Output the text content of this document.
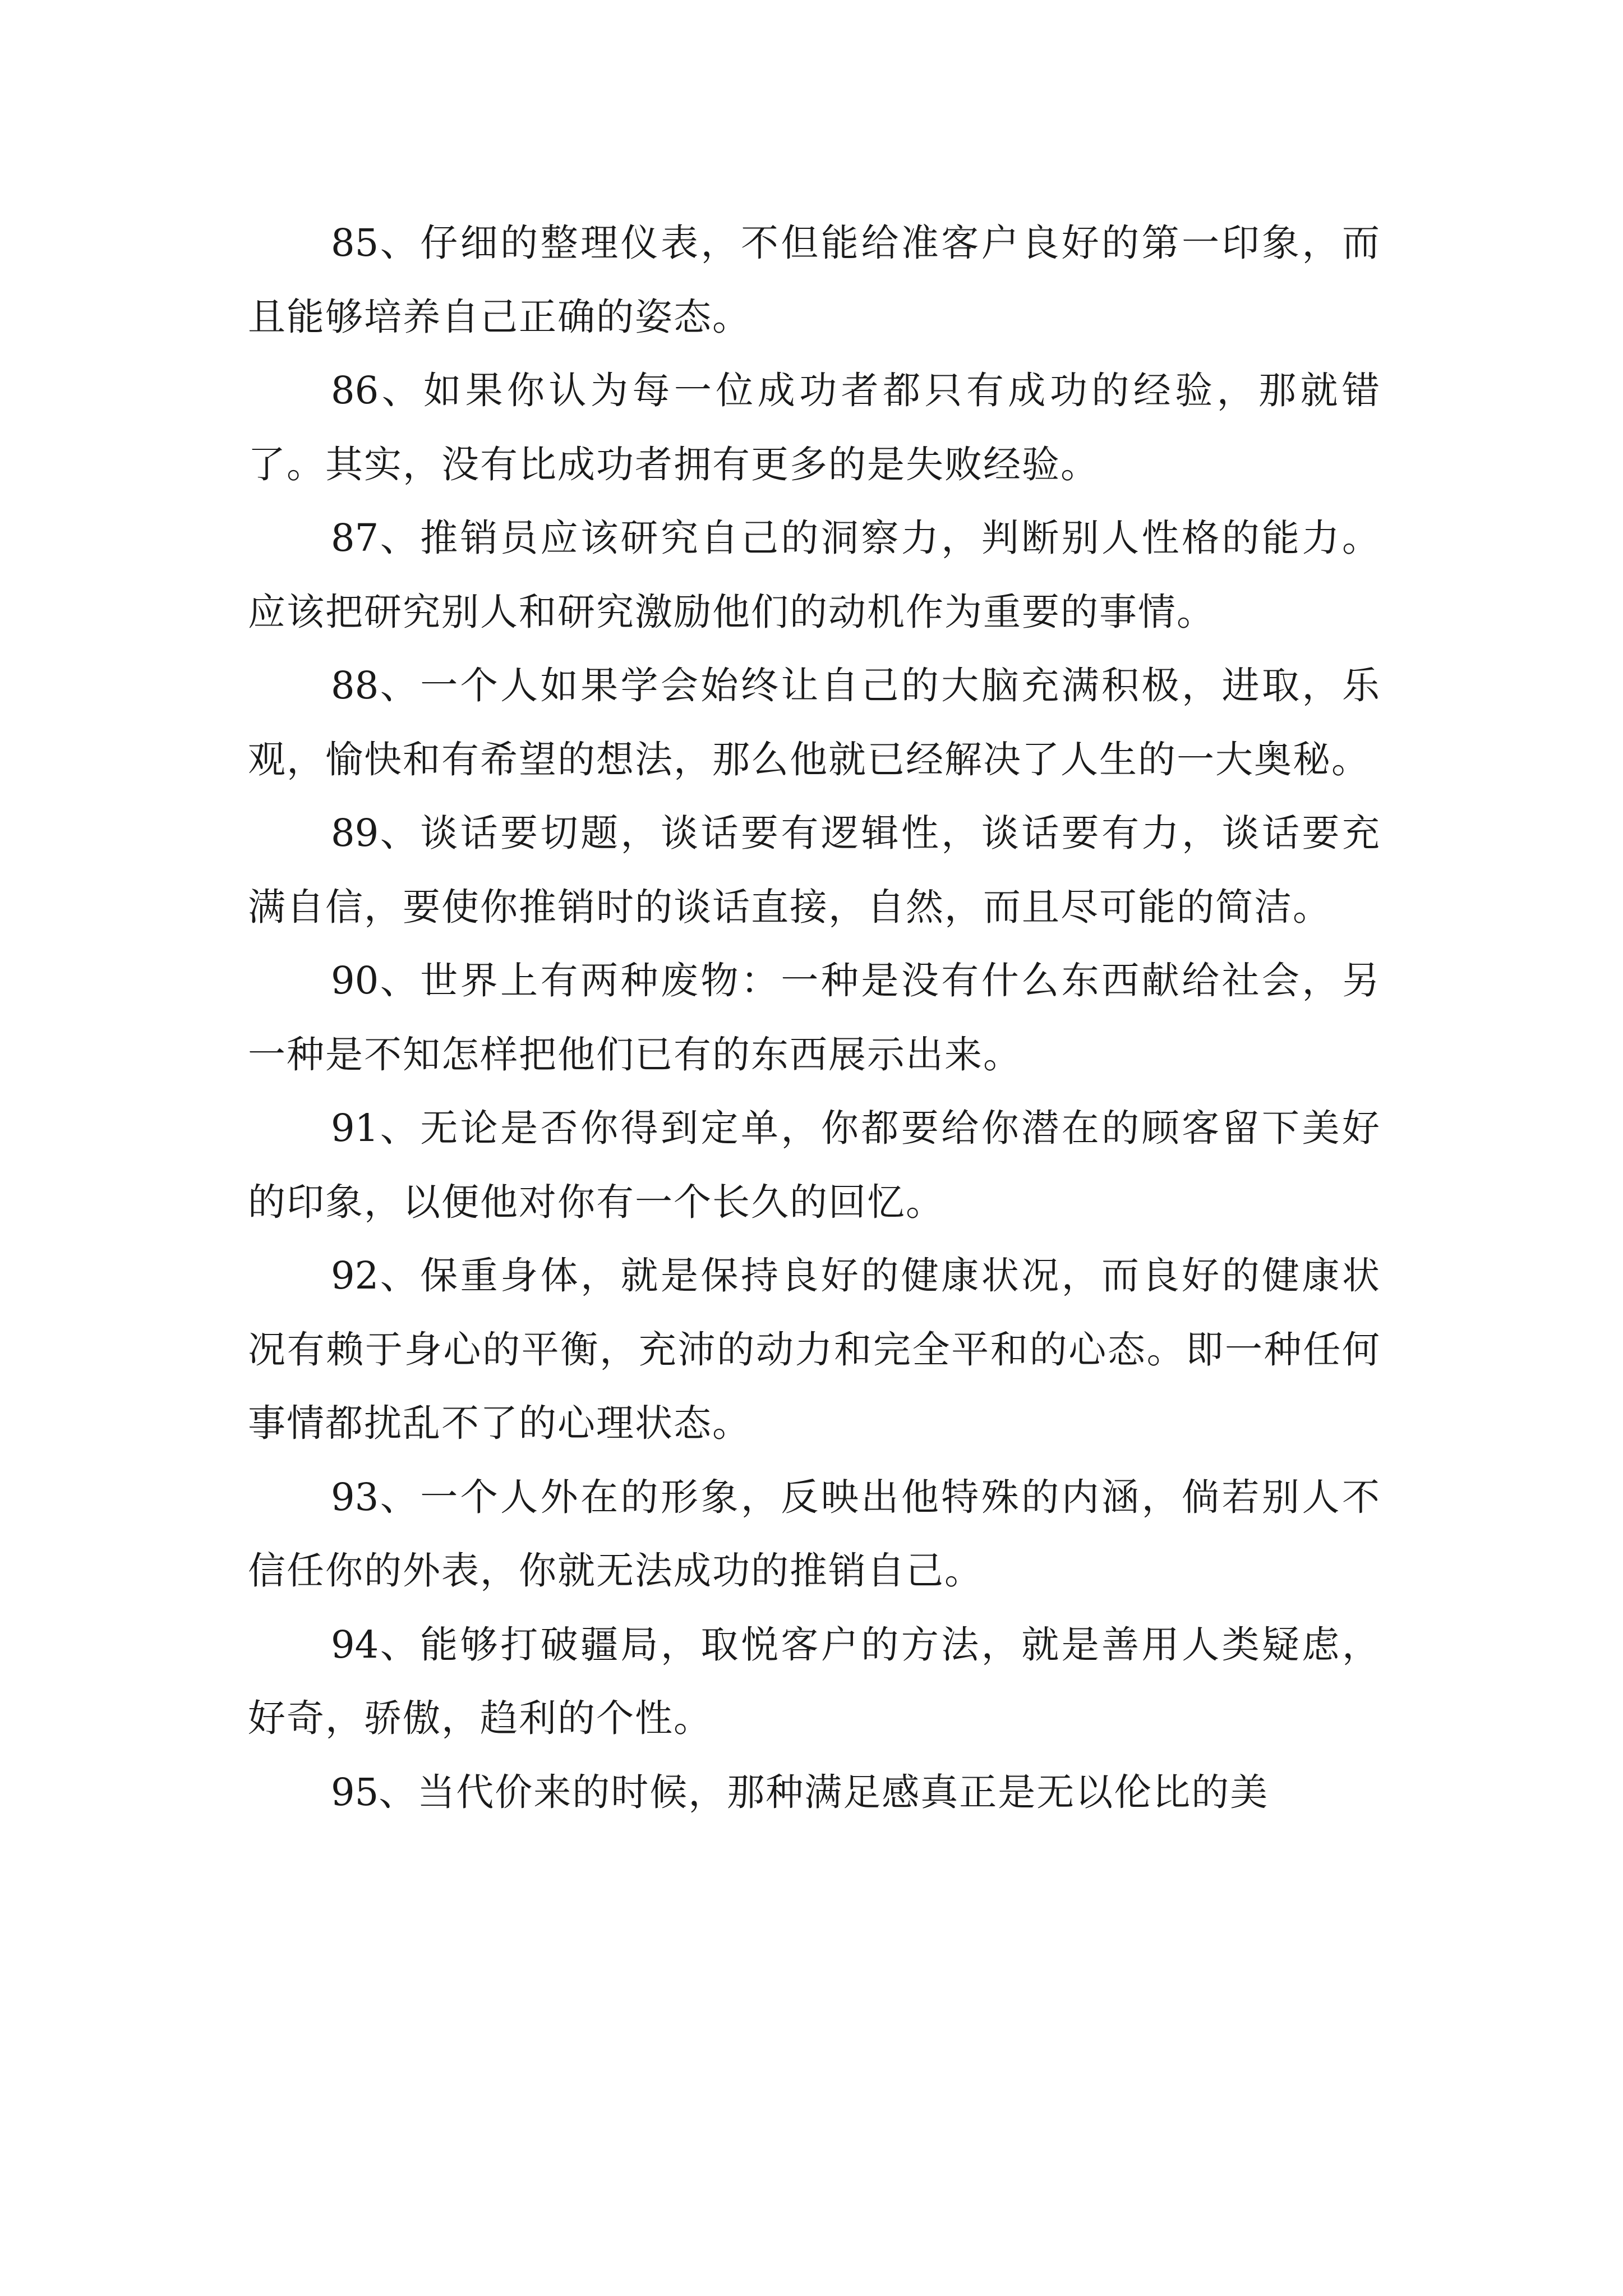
85、仔细的整理仪表，不但能给准客户良好的第一印象，而且能够培养自己正确的姿态。

86、如果你认为每一位成功者都只有成功的经验，那就错了。其实，没有比成功者拥有更多的是失败经验。

87、推销员应该研究自己的洞察力，判断别人性格的能力。应该把研究别人和研究激励他们的动机作为重要的事情。

88、一个人如果学会始终让自己的大脑充满积极，进取，乐观，愉快和有希望的想法，那么他就已经解决了人生的一大奥秘。

89、谈话要切题，谈话要有逻辑性，谈话要有力，谈话要充满自信，要使你推销时的谈话直接，自然，而且尽可能的简洁。

90、世界上有两种废物：一种是没有什么东西献给社会，另一种是不知怎样把他们已有的东西展示出来。

91、无论是否你得到定单，你都要给你潜在的顾客留下美好的印象，以便他对你有一个长久的回忆。

92、保重身体，就是保持良好的健康状况，而良好的健康状况有赖于身心的平衡，充沛的动力和完全平和的心态。即一种任何事情都扰乱不了的心理状态。

93、一个人外在的形象，反映出他特殊的内涵，倘若别人不信任你的外表，你就无法成功的推销自己。

94、能够打破疆局，取悦客户的方法，就是善用人类疑虑，好奇，骄傲，趋利的个性。

95、当代价来的时候，那种满足感真正是无以伦比的美
